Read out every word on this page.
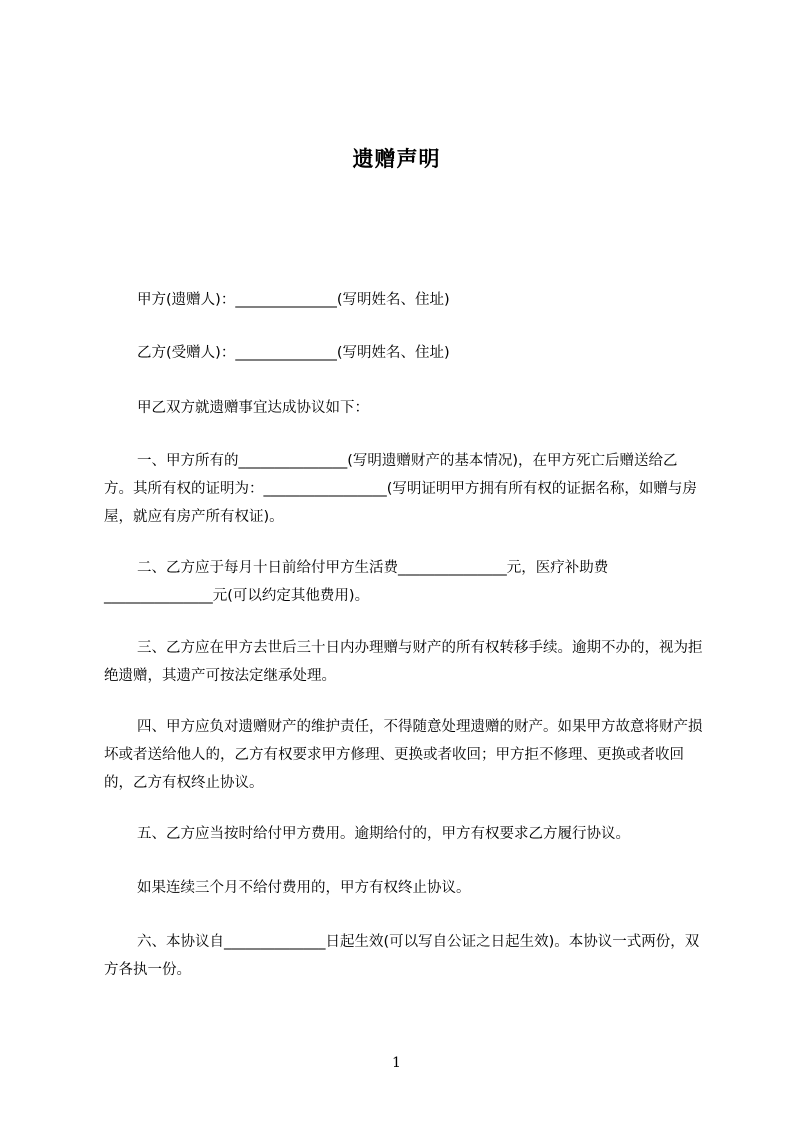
遗赠声明

甲方(遗赠人)：______________(写明姓名、住址)

乙方(受赠人)：______________(写明姓名、住址)

甲乙双方就遗赠事宜达成协议如下：

一、甲方所有的_______________(写明遗赠财产的基本情况)，在甲方死亡后赠送给乙方。其所有权的证明为：_________________(写明证明甲方拥有所有权的证据名称，如赠与房屋，就应有房产所有权证)。

二、乙方应于每月十日前给付甲方生活费_______________元，医疗补助费_______________元(可以约定其他费用)。

三、乙方应在甲方去世后三十日内办理赠与财产的所有权转移手续。逾期不办的，视为拒绝遗赠，其遗产可按法定继承处理。

四、甲方应负对遗赠财产的维护责任，不得随意处理遗赠的财产。如果甲方故意将财产损坏或者送给他人的，乙方有权要求甲方修理、更换或者收回；甲方拒不修理、更换或者收回的，乙方有权终止协议。

五、乙方应当按时给付甲方费用。逾期给付的，甲方有权要求乙方履行协议。

如果连续三个月不给付费用的，甲方有权终止协议。

六、本协议自______________日起生效(可以写自公证之日起生效)。本协议一式两份，双方各执一份。

1
